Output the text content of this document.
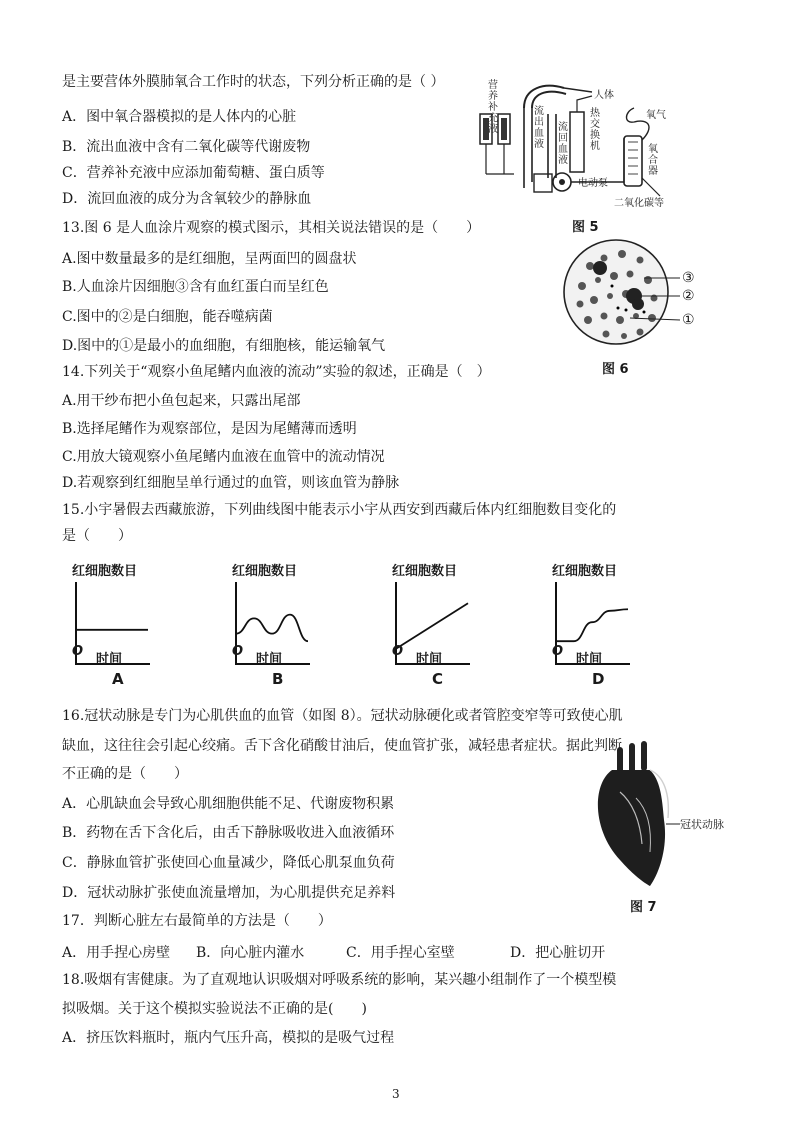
是主要营体外膜肺氧合工作时的状态，下列分析正确的是（ ）
A．图中氧合器模拟的是人体内的心脏
B．流出血液中含有二氧化碳等代谢废物
C．营养补充液中应添加葡萄糖、蛋白质等
D．流回血液的成分为含氧较少的静脉血
营养补充液
流出血液
热交换机
流回血液
人体
氧气
氧合器
电动泵
二氧化碳等
图 5
13.图 6 是人血涂片观察的模式图示，其相关说法错误的是（　　）
A.图中数量最多的是红细胞，呈两面凹的圆盘状
B.人血涂片因细胞③含有血红蛋白而呈红色
C.图中的②是白细胞，能吞噬病菌
D.图中的①是最小的血细胞，有细胞核，能运输氧气
③
②
①
图 6
14.下列关于“观察小鱼尾鳍内血液的流动”实验的叙述，正确是（　）
A.用干纱布把小鱼包起来，只露出尾部
B.选择尾鳍作为观察部位，是因为尾鳍薄而透明
C.用放大镜观察小鱼尾鳍内血液在血管中的流动情况
D.若观察到红细胞呈单行通过的血管，则该血管为静脉
15.小宇暑假去西藏旅游，下列曲线图中能表示小宇从西安到西藏后体内红细胞数目变化的
是（　　）
红细胞数目
O
时间
A
红细胞数目
O
时间
B
红细胞数目
O
时间
C
红细胞数目
O
时间
D
16.冠状动脉是专门为心肌供血的血管（如图 8）。冠状动脉硬化或者管腔变窄等可致使心肌
缺血，这往往会引起心绞痛。舌下含化硝酸甘油后，使血管扩张，减轻患者症状。据此判断
不正确的是（　　）
A．心肌缺血会导致心肌细胞供能不足、代谢废物积累
B．药物在舌下含化后，由舌下静脉吸收进入血液循环
C．静脉血管扩张使回心血量减少，降低心肌泵血负荷
D．冠状动脉扩张使血流量增加，为心肌提供充足养料
冠状动脉
图 7
17．判断心脏左右最简单的方法是（　　）
A．用手捏心房壁 B．向心脏内灌水	C．用手捏心室壁	D．把心脏切开
18.吸烟有害健康。为了直观地认识吸烟对呼吸系统的影响，某兴趣小组制作了一个模型模
拟吸烟。关于这个模拟实验说法不正确的是(　　)
A．挤压饮料瓶时，瓶内气压升高，模拟的是吸气过程
3
